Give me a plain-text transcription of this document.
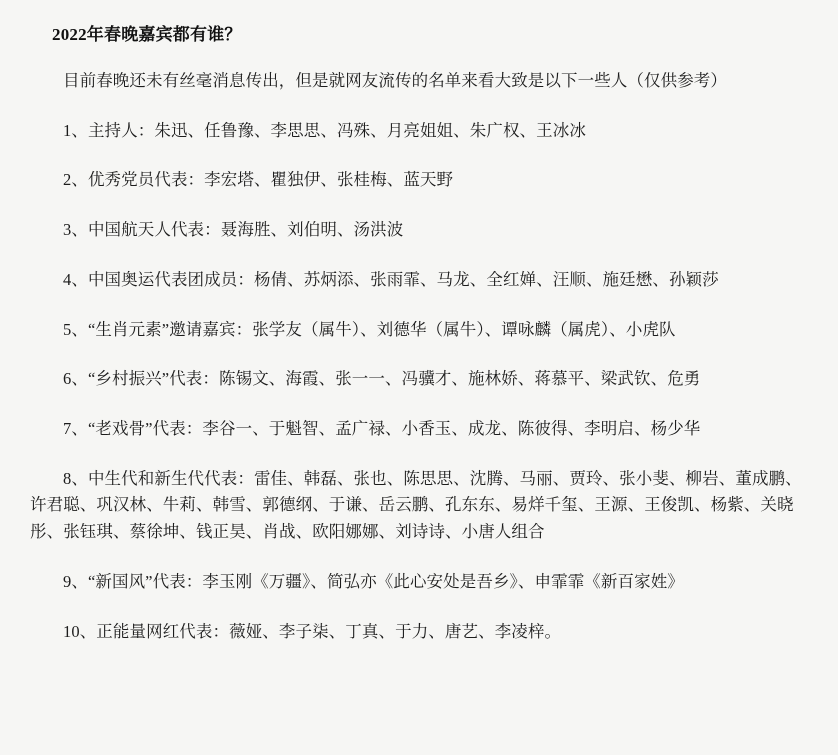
2022年春晚嘉宾都有谁？

目前春晚还未有丝毫消息传出，但是就网友流传的名单来看大致是以下一些人（仅供参考）

1、主持人：朱迅、任鲁豫、李思思、冯殊、月亮姐姐、朱广权、王冰冰

2、优秀党员代表：李宏塔、瞿独伊、张桂梅、蓝天野

3、中国航天人代表：聂海胜、刘伯明、汤洪波

4、中国奥运代表团成员：杨倩、苏炳添、张雨霏、马龙、全红婵、汪顺、施廷懋、孙颖莎

5、“生肖元素”邀请嘉宾：张学友（属牛）、刘德华（属牛）、谭咏麟（属虎）、小虎队

6、“乡村振兴”代表：陈锡文、海霞、张一一、冯骥才、施林娇、蒋慕平、梁武钦、危勇

7、“老戏骨”代表：李谷一、于魁智、孟广禄、小香玉、成龙、陈彼得、李明启、杨少华

8、中生代和新生代代表：雷佳、韩磊、张也、陈思思、沈腾、马丽、贾玲、张小斐、柳岩、董成鹏、许君聪、巩汉林、牛莉、韩雪、郭德纲、于谦、岳云鹏、孔东东、易烊千玺、王源、王俊凯、杨紫、关晓彤、张钰琪、蔡徐坤、钱正昊、肖战、欧阳娜娜、刘诗诗、小唐人组合

9、“新国风”代表：李玉刚《万疆》、简弘亦《此心安处是吾乡》、申霏霏《新百家姓》

10、正能量网红代表：薇娅、李子柒、丁真、于力、唐艺、李凌梓。
